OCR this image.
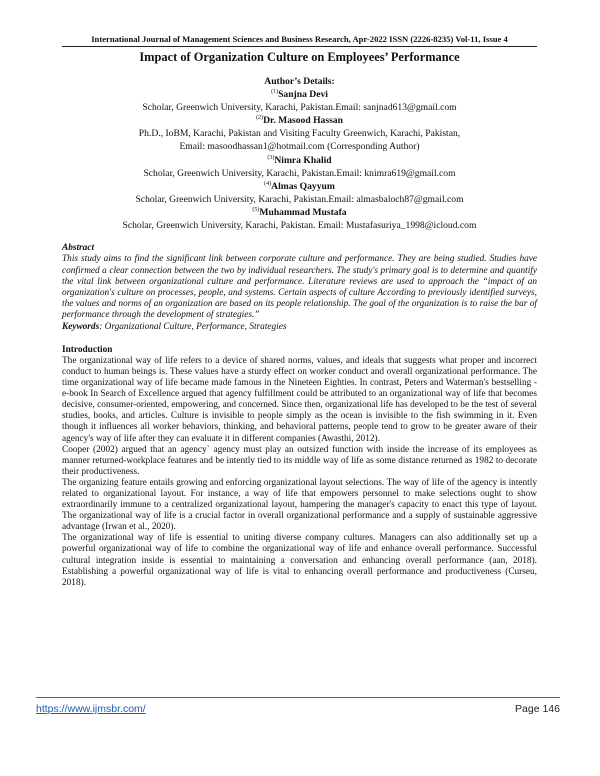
International Journal of Management Sciences and Business Research, Apr-2022 ISSN (2226-8235) Vol-11, Issue 4
Impact of Organization Culture on Employees’ Performance
Author’s Details:
$^{(1)}$Sanjna Devi
Scholar, Greenwich University, Karachi, Pakistan.Email: sanjnad613@gmail.com
$^{(2)}$Dr. Masood Hassan
Ph.D., IoBM, Karachi, Pakistan and Visiting Faculty Greenwich, Karachi, Pakistan,
Email: masoodhassan1@hotmail.com (Corresponding Author)
$^{(3)}$Nimra Khalid
Scholar, Greenwich University, Karachi, Pakistan.Email: knimra619@gmail.com
$^{(4)}$Almas Qayyum
Scholar, Greenwich University, Karachi, Pakistan.Email: almasbaloch87@gmail.com
$^{(5)}$Muhammad Mustafa
Scholar, Greenwich University, Karachi, Pakistan. Email: Mustafasuriya_1998@icloud.com
Abstract
This study aims to find the significant link between corporate culture and performance. They are being studied. Studies have confirmed a clear connection between the two by individual researchers. The study's primary goal is to determine and quantify the vital link between organizational culture and performance. Literature reviews are used to approach the “impact of an organization's culture on processes, people, and systems. Certain aspects of culture According to previously identified surveys, the values and norms of an organization are based on its people relationship. The goal of the organization is to raise the bar of performance through the development of strategies.”
Keywords: Organizational Culture, Performance, Strategies
Introduction

The organizational way of life refers to a device of shared norms, values, and ideals that suggests what proper and incorrect conduct to human beings is. These values have a sturdy effect on worker conduct and overall organizational performance. The time organizational way of life became made famous in the Nineteen Eighties. In contrast, Peters and Waterman's bestselling -e-book In Search of Excellence argued that agency fulfillment could be attributed to an organizational way of life that becomes decisive, consumer-oriented, empowering, and concerned. Since then, organizational life has developed to be the test of several studies, books, and articles. Culture is invisible to people simply as the ocean is invisible to the fish swimming in it. Even though it influences all worker behaviors, thinking, and behavioral patterns, people tend to grow to be greater aware of their agency's way of life after they can evaluate it in different companies (Awasthi, 2012).

Cooper (2002) argued that an agency` agency must play an outsized function with inside the increase of its employees as manner returned-workplace features and be intently tied to its middle way of life as some distance returned as 1982 to decorate their productiveness.

The organizing feature entails growing and enforcing organizational layout selections. The way of life of the agency is intently related to organizational layout. For instance, a way of life that empowers personnel to make selections ought to show extraordinarily immune to a centralized organizational layout, hampering the manager's capacity to enact this type of layout. The organizational way of life is a crucial factor in overall organizational performance and a supply of sustainable aggressive advantage (Irwan et al., 2020).

The organizational way of life is essential to uniting diverse company cultures. Managers can also additionally set up a powerful organizational way of life to combine the organizational way of life and enhance overall performance. Successful cultural integration inside is essential to maintaining a conversation and enhancing overall performance (aan, 2018). Establishing a powerful organizational way of life is vital to enhancing overall performance and productiveness (Curseu, 2018).

https://www.ijmsbr.com/	Page 146
